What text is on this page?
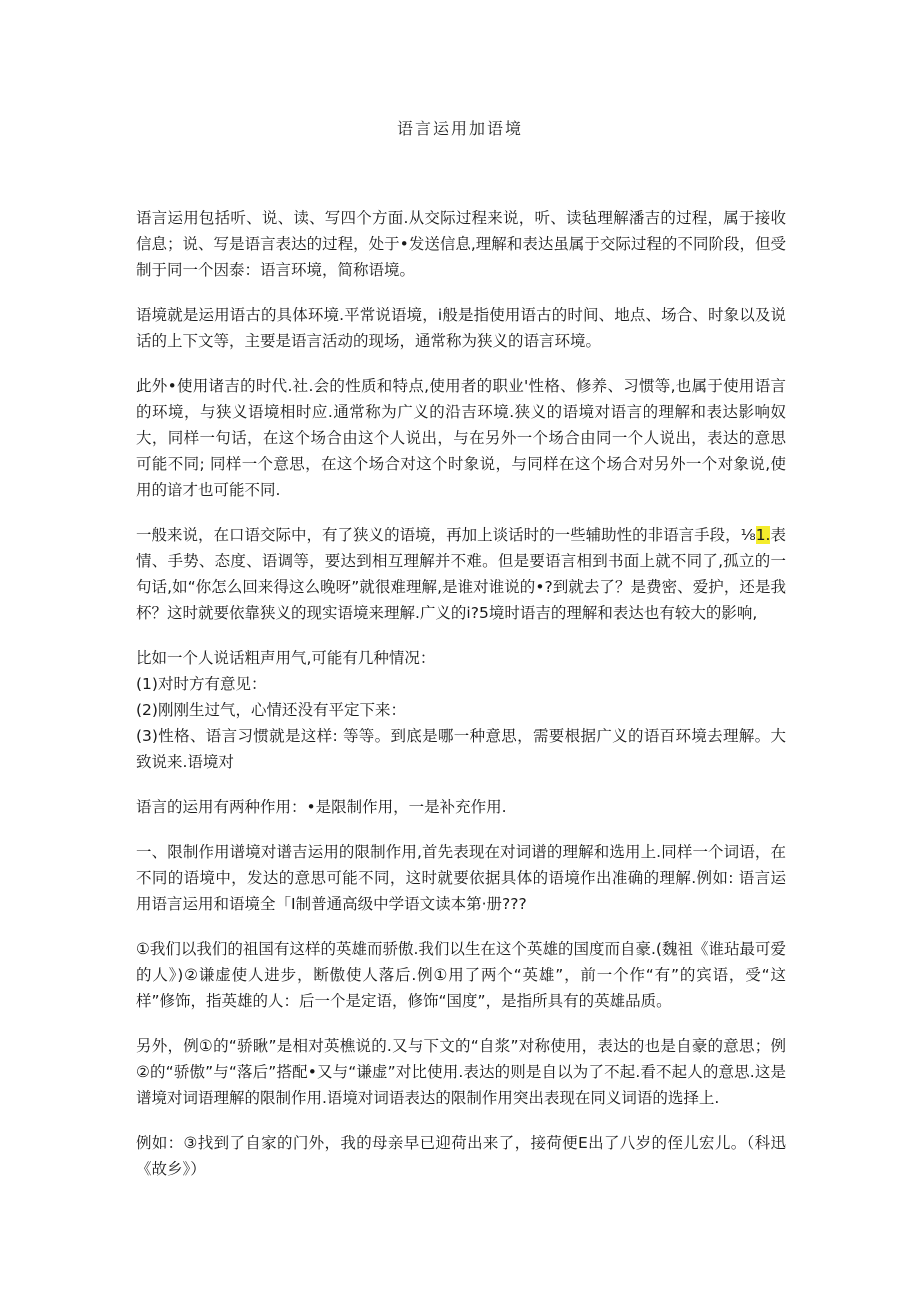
语言运用加语境

语言运用包括听、说、读、写四个方面.从交际过程来说，听、读毡理解潘吉的过程，属于接收信息；说、写是语言表达的过程，处于•发送信息,理解和表达虽属于交际过程的不同阶段，但受制于同一个因泰：语言环境，简称语境。

语境就是运用语古的具体环境.平常说语境，i般是指使用语古的时间、地点、场合、时象以及说话的上下文等，主要是语言活动的现场，通常称为狭义的语言环境。

此外•使用诸吉的时代.社.会的性质和特点,使用者的职业'性格、修养、习惯等,也属于使用语言的环境，与狭义语境相时应.通常称为广义的沿吉环境.狭义的语境对语言的理解和表达影响奴大，同样一句话，在这个场合由这个人说出，与在另外一个场合由同一个人说出，表达的意思可能不同; 同样一个意思，在这个场合对这个时象说，与同样在这个场合对另外一个对象说,使用的谙才也可能不同.

一般来说，在口语交际中，有了狭义的语境，再加上谈话时的一些辅助性的非语言手段，⅛1.表情、手势、态度、语调等，要达到相互理解并不难。但是要语言相到书面上就不同了,孤立的一句话,如“你怎么回来得这么晚呀”就很难理解,是谁对谁说的•?到就去了？是费密、爱护，还是我杯？这时就要依靠狭义的现实语境来理解.广义的i?5境时语吉的理解和表达也有较大的影响,

比如一个人说话粗声用气,可能有几种情况：
(1)对时方有意见：
(2)刚刚生过气，心情还没有平定下来：
(3)性格、语言习惯就是这样: 等等。到底是哪一种意思，需要根据广义的语百环境去理解。大致说来.语境对

语言的运用有两种作用：•是限制作用，一是补充作用.

一、限制作用谱境对谱吉运用的限制作用,首先表现在对词谱的理解和选用上.同样一个词语，在不同的语境中，发达的意思可能不同，这时就要依据具体的语境作出准确的理解.例如: 语言运用语言运用和语境全「I制普通高级中学语文读本第·册???

①我们以我们的祖国有这样的英雄而骄傲.我们以生在这个英雄的国度而自豪.(魏祖《谁玷最可爱的人》)②谦虚使人进步，断傲使人落后.例①用了两个“英雄”，前一个作“有”的宾语，受“这样”修饰，指英雄的人：后一个是定语，修饰“国度”，是指所具有的英雄品质。

另外，例①的“骄瞅”是相对英樵说的.又与下文的“自浆”对称使用，表达的也是自豪的意思；例②的“骄傲”与“落后”搭配•又与“谦虚”对比使用.表达的则是自以为了不起.看不起人的意思.这是谱境对词语理解的限制作用.语境对词语表达的限制作用突出表现在同义词语的选择上.

例如：③找到了自家的门外，我的母亲早已迎荷出来了，接荷便E出了八岁的侄儿宏儿。（科迅《故乡》）
